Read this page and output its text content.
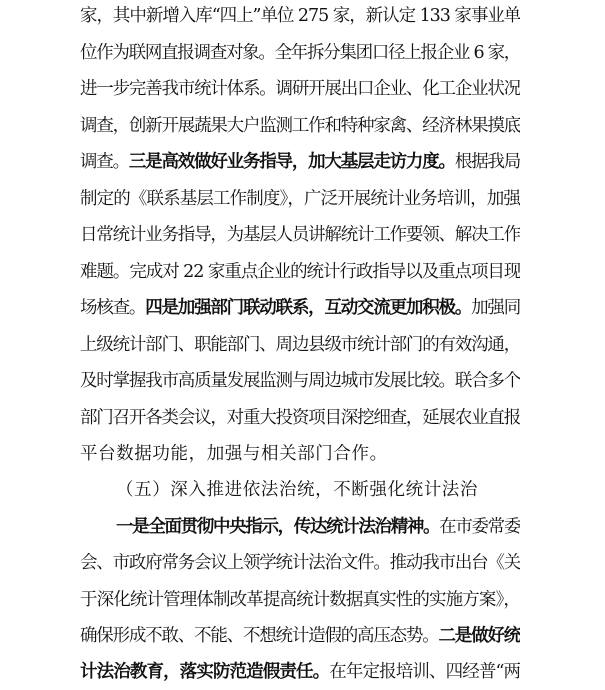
家，其中新增入库“四上”单位 275 家，新认定 133 家事业单
位作为联网直报调查对象。全年拆分集团口径上报企业 6 家，
进一步完善我市统计体系。调研开展出口企业、化工企业状况
调查，创新开展蔬果大户监测工作和特种家禽、经济林果摸底
调查。三是高效做好业务指导，加大基层走访力度。根据我局
制定的《联系基层工作制度》，广泛开展统计业务培训，加强
日常统计业务指导，为基层人员讲解统计工作要领、解决工作
难题。完成对 22 家重点企业的统计行政指导以及重点项目现
场核查。四是加强部门联动联系，互动交流更加积极。加强同
上级统计部门、职能部门、周边县级市统计部门的有效沟通，
及时掌握我市高质量发展监测与周边城市发展比较。联合多个
部门召开各类会议，对重大投资项目深挖细查，延展农业直报
平台数据功能，加强与相关部门合作。
（五）深入推进依法治统，不断强化统计法治
一是全面贯彻中央指示，传达统计法治精神。在市委常委
会、市政府常务会议上领学统计法治文件。推动我市出台《关
于深化统计管理体制改革提高统计数据真实性的实施方案》，
确保形成不敢、不能、不想统计造假的高压态势。二是做好统
计法治教育，落实防范造假责任。在年定报培训、四经普“两
